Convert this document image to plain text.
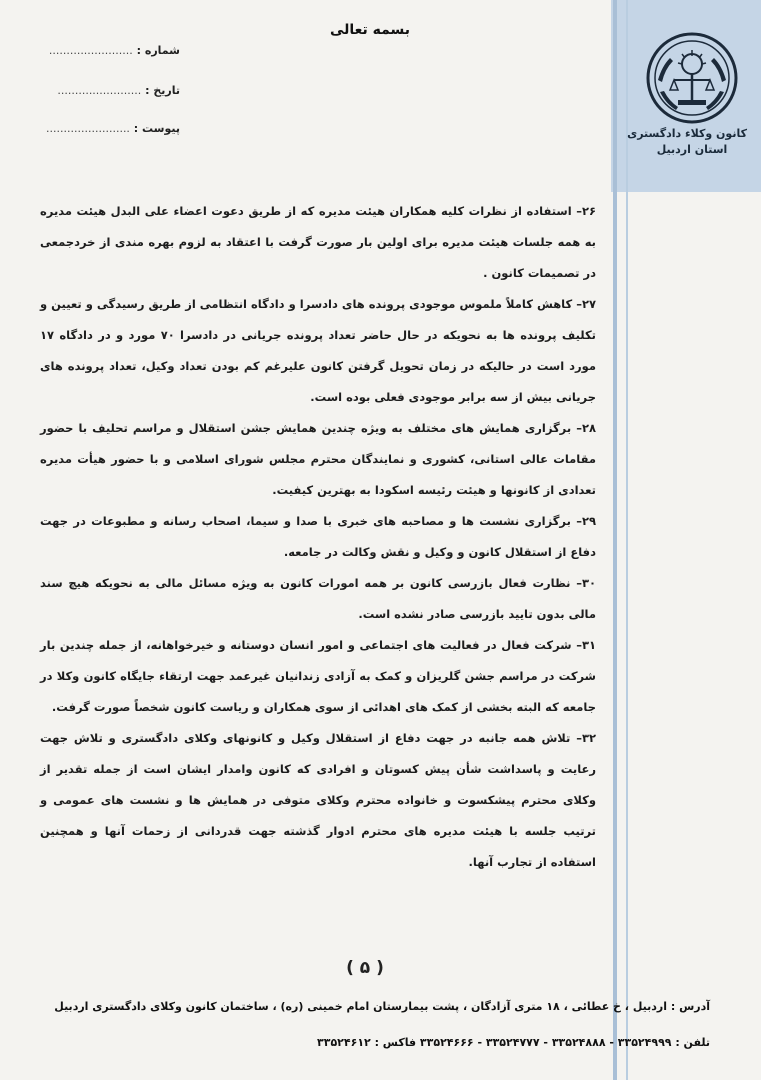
کانون وکلاء دادگستری
استان اردبیل
بسمه تعالی
شماره : ........................
تاریخ : ........................
پیوست : ........................

۲۶– استفاده از نظرات کلیه همکاران هیئت مدیره که از طریق دعوت اعضاء علی البدل هیئت مدیره به همه جلسات هیئت مدیره برای اولین بار صورت گرفت با اعتقاد به لزوم بهره مندی از خردجمعی در تصمیمات کانون .

۲۷– کاهش کاملاً ملموس موجودی پرونده های دادسرا و دادگاه انتظامی از طریق رسیدگی و تعیین و تکلیف پرونده ها به نحویکه در حال حاضر تعداد پرونده جریانی در دادسرا ۷۰ مورد و در دادگاه ۱۷ مورد است در حالیکه در زمان تحویل گرفتن کانون علیرغم کم بودن تعداد وکیل، تعداد پرونده های جریانی بیش از سه برابر موجودی فعلی بوده است.

۲۸– برگزاری همایش های مختلف به ویژه چندین همایش جشن استقلال و مراسم تحلیف با حضور مقامات عالی استانی، کشوری و نمایندگان محترم مجلس شورای اسلامی و با حضور هیأت مدیره تعدادی از کانونها و هیئت رئیسه اسکودا به بهترین کیفیت.

۲۹– برگزاری نشست ها و مصاحبه های خبری با صدا و سیما، اصحاب رسانه و مطبوعات در جهت دفاع از استقلال کانون و وکیل و نقش وکالت در جامعه.

۳۰– نظارت فعال بازرسی کانون بر همه امورات کانون به ویژه مسائل مالی به نحویکه هیچ سند مالی بدون تایید بازرسی صادر نشده است.

۳۱– شرکت فعال در فعالیت های اجتماعی و امور انسان دوستانه و خیرخواهانه، از جمله چندین بار شرکت در مراسم جشن گلریزان و کمک به آزادی زندانیان غیرعمد جهت ارتقاء جایگاه کانون وکلا در جامعه که البته بخشی از کمک های اهدائی از سوی همکاران و ریاست کانون شخصاً صورت گرفت.

۳۲– تلاش همه جانبه در جهت دفاع از استقلال وکیل و کانونهای وکلای دادگستری و تلاش جهت رعایت و پاسداشت شأن پیش کسوتان و افرادی که کانون وامدار ایشان است از جمله تقدیر از وکلای محترم پیشکسوت و خانواده محترم وکلای متوفی در همایش ها و نشست های عمومی و ترتیب جلسه با هیئت مدیره های محترم ادوار گذشته جهت قدردانی از زحمات آنها و همچنین استفاده از تجارب آنها.

( ۵ )
آدرس : اردبیل ، خ عطائی ، ۱۸ متری آزادگان ، پشت بیمارستان امام خمینی (ره) ، ساختمان کانون وکلای دادگستری اردبیل
تلفن : ۳۳۵۲۴۹۹۹ - ۳۳۵۲۴۸۸۸ - ۳۳۵۲۴۷۷۷ - ۳۳۵۲۴۶۶۶ فاکس : ۳۳۵۲۴۶۱۲
